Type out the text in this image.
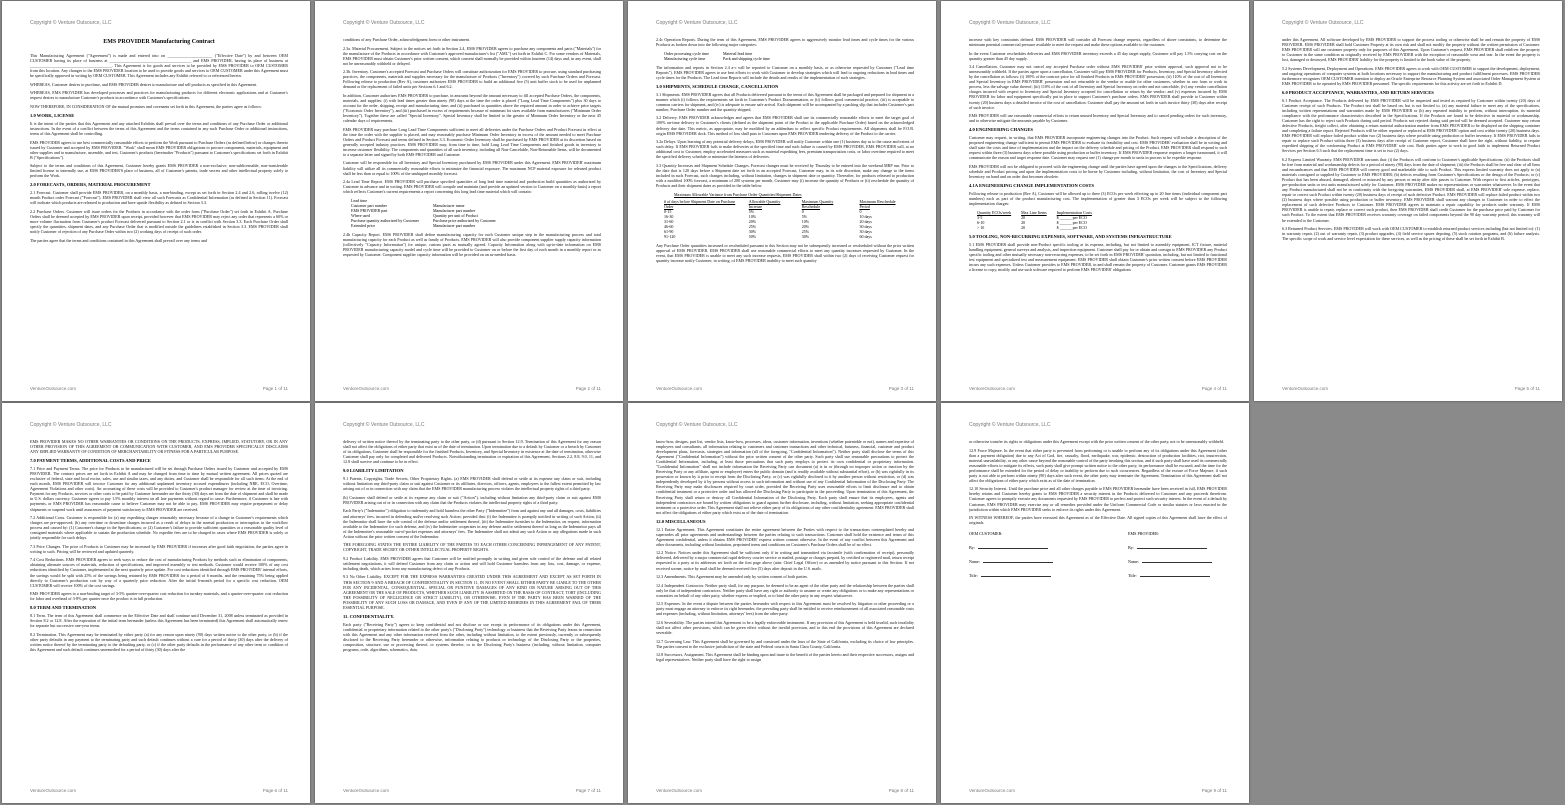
Copyright © Venture Outsource, LLC
EMS PROVIDER Manufacturing Contract

This Manufacturing Agreement ("Agreement") is made and entered into on ______________________ ("Effective Date") by and between OEM CUSTOMER having its place of business at ________________________________________ and EMS PROVIDER, having its place of business at ________________________________________. This Agreement is for goods and services to be provided by EMS PROVIDER to OEM CUSTOMER from this location. Any changes to the EMS PROVIDER location to be used to provide goods and services to OEM CUSTOMER under this Agreement must be specifically approved in writing by OEM CUSTOMER. This Agreement includes any Exhibit referred to or referenced herein.

WHEREAS, Customer desires to purchase, and EMS PROVIDER desires to manufacture and sell products as specified in this Agreement.

WHEREAS, EMS PROVIDER has developed processes and practices for manufacturing products for different electronic applications and at Customer's request desires to manufacture Customer's products in accordance with Customer's specifications.

NOW THEREFORE, IN CONSIDERATION OF the mutual promises and covenants set forth in this Agreement, the parties agree as follows:

1.0 WORK, LICENSE

It is the intent of the parties that this Agreement and any attached Exhibits shall prevail over the terms and conditions of any Purchase Order or additional instructions. In the event of a conflict between the terms of this Agreement and the terms contained in any such Purchase Order or additional instructions, terms of this Agreement shall be controlling.

EMS PROVIDER agrees to use best commercially reasonable efforts to perform the Work pursuant to Purchase Orders (as defined below) or changes thereto issued by Customer and accepted by EMS PROVIDER. "Work" shall mean EMS PROVIDER obligations to procure components, materials, equipment and other supplies and to manufacture, assemble, and test, Customer's products (hereinafter "Products") pursuant to Customer's specifications set forth in Exhibit B ("Specifications").

Subject to the terms and conditions of this Agreement, Customer hereby grants EMS PROVIDER a non-exclusive, non-sublicensable, non-transferable limited license to internally use, at EMS PROVIDER'S place of business, all of Customer's patents, trade secrets and other intellectual property solely to perform the Work.

2.0 FORECASTS, ORDERS, MATERIAL PROCUREMENT

2.1 Forecast. Customer shall provide EMS PROVIDER, on a monthly basis, a non-binding, except as set forth in Section 2.4 and 2.6, rolling twelve (12) month Product order Forecast ("Forecast"). EMS PROVIDER shall view all such Forecasts as Confidential Information (as defined in Section 11). Forecast will indicate which products are released to production and have upside flexibility as defined in Section 3.3.

2.2 Purchase Orders. Customer will issue orders for the Products in accordance with the order form ("Purchase Order") set forth in Exhibit A. Purchase Orders shall be deemed accepted by EMS PROVIDER upon receipt, provided however that EMS PROVIDER may reject any order that represents a 60% or more volume fluctuation from Customer's product Forecast delivered pursuant to Section 2.1 or is in conflict with Section 3.3. Each Purchase Order shall specify the quantities, shipment dates, and any Purchase Order that is modified outside the guidelines established in Section 3.3. EMS PROVIDER shall notify Customer of rejection of any Purchase Order within two (2) working days of receipt of such order.

The parties agree that the terms and conditions contained in this Agreement shall prevail over any terms and

VentureOutsource.com	Page 1 of 11
Copyright © Venture Outsource, LLC

conditions of any Purchase Order, acknowledgment form or other instrument.

2.3a. Material Procurement. Subject to the notices set forth in Section 2.4, EMS PROVIDER agrees to purchase any components and parts ("Materials") for the manufacture of the Products in accordance with Customer's approved manufacturer's list ("AML") set forth in Exhibit C. For some vendors of Materials, EMS PROVIDER must obtain Customer's prior written consent, which consent shall normally be provided within fourteen (14) days and, in any event, shall not be unreasonably withheld or delayed.

2.3b. Inventory. Customer's accepted Forecast and Purchase Orders will constitute authorization for EMS PROVIDER to procure, using standard purchasing practices, the components, materials and supplies necessary for the manufacture of Products ("Inventory") covered by such Purchase Orders and Forecast. Following release to production (Rev A), customer authorizes EMS PROVIDER to build an additional five (5) unit buffer stock to be used for unplanned demand or the replacement of failed units per Sections 6.1 and 6.2.

In addition, Customer authorizes EMS PROVIDER to purchase, in amounts beyond the amount necessary to fill accepted Purchase Orders, the components, materials, and supplies: (i) with lead times greater than ninety (90) days at the time the order is placed ("Long Lead Time Components") plus 30 days to account for the order, shipping, receipt and manufacturing time; and (ii) purchased in quantities above the required amount in order to achieve price targets ("Economic Order Inventory"), and (iii) purchased in excess of requirements because of minimum lot sizes available from manufacturers ("Minimum Order Inventory"). Together these are called "Special Inventory". Special Inventory shall be limited to the greater of Minimum Order Inventory or the next 45 calendar days of requirements.

EMS PROVIDER may purchase Long Lead Time Components sufficient to meet all deliveries under the Purchase Orders and Product Forecast in effect at the time the order with the supplier is placed, and may reasonably purchase Minimum Order Inventory in excess of the amount needed to meet Purchase Orders and Product Forecast and terms defined in Section 3.3. Economic Order Inventory shall be purchased by EMS PROVIDER at its discretion based on generally accepted industry practices. EMS PROVIDER may, from time to time, hold Long Lead Time Components and finished goods in inventory to increase customer flexibility. The components and quantities of all such inventory, including all Non-Cancelable, Non-Returnable Items, will be documented to a separate letter and signed by both EMS PROVIDER and Customer.

Customer will be responsible for all Inventory and Special Inventory purchased by EMS PROVIDER under this Agreement. EMS PROVIDER' maximum liability will utilize all its commercially reasonable efforts to minimize the financial exposure. The maximum NCP material exposure for released product shall be less than or equal to 100% of the unshipped monthly forecast.

2.4a Lead Time Report. EMS PROVIDER will purchase specified quantities of long lead time material and production build quantities as authorized by Customer in advance and in writing. EMS PROVIDER will compile and maintain (and provide an updated version to Customer on a monthly basis) a report which reflects Customer's current requirements a report concerning this long lead time material which will contain:

Lead time	
Customer part number	Manufacturer name
EMS PROVIDER part	Manufacturer part number
Where used	Quantity per unit of Product
Purchase quantity authorized by Customer	Purchase price authorized by Customer
Extended price	Manufacturer part number

2.4b Capacity Report. EMS PROVIDER shall define manufacturing capacity for each Customer unique step in the manufacturing process and total manufacturing capacity for each Product as well as family of Products. EMS PROVIDER will also provide component supplier supply capacity information (collectively "Capacity Information") for unique, custom parts as mutually agreed. Capacity Information along with up-to-date information on EMS PROVIDER manufacturing capacity model and cycle time will be provided to Customer on or before the first day of each month in a monthly report or as requested by Customer. Component supplier capacity information will be provided on an as-needed basis.

VentureOutsource.com	Page 2 of 11
Copyright © Venture Outsource, LLC

2.4c Operation Reports. During the term of this Agreement, EMS PROVIDER agrees to aggressively monitor lead times and cycle times for the various Products as broken down into the following major categories:

Order processing cycle time	Material lead time
Manufacturing cycle time	Pack and shipping cycle time

The information and reports in Section 2.4 a-c will be reported to Customer on a monthly basis, or as otherwise requested by Customer ("Lead time Reports"). EMS PROVIDER agrees to use best efforts to work with Customer to develop strategies which will lead to ongoing reductions in lead times and cycle times for the Products. The Lead time Reports will include the details and results of the implementation of such strategies.

3.0 SHIPMENTS, SCHEDULE CHANGE, CANCELLATION

3.1 Shipments. EMS PROVIDER agrees that all Products delivered pursuant to the terms of this Agreement shall be packaged and prepared for shipment in a manner which (i) follows the requirements set forth in Customer's Product Documentation, or (ii) follows good commercial practice, (iii) is acceptable to common carriers for shipment, and (iv) is adequate to ensure safe arrival. Each shipment will be accompanied by a packing slip that includes Customer's part number, Purchase Order number and the quantity shipped.

3.2 Delivery. EMS PROVIDER acknowledges and agrees that EMS PROVIDER shall use its commercially reasonable efforts to meet the target goal of 100% on-time delivery to Customer's clients (defined as the shipment point of the Product to the applicable Purchase Order) based on the acknowledged delivery due date. This metric, as appropriate, may be modified by an addendum to reflect specific Product requirements. All shipments shall be F.O.B. origin EMS PROVIDER dock. This method of loss shall pass to Customer upon EMS PROVIDER tendering delivery of the Product to the carrier.

3.2a Delays. Upon learning of any potential delivery delays, EMS PROVIDER will notify Customer within one (1) business day as to the cause and extent of such delay. If EMS PROVIDER fails to make deliveries at the specified time and such failure is caused by EMS PROVIDER, EMS PROVIDER will, at no additional cost to Customer, employ accelerated measures such as material expediting fees, premium transportation costs, or labor overtime required to meet the specified delivery schedule or minimize the lateness of deliveries.

3.3 Quantity Increases and Shipment Schedule Changes. Forecast changes must be received by Thursday to be entered into the weekend MRP run. Prior to the date that is 120 days before a Shipment date set forth in an accepted Forecast, Customer may, in its sole discretion, make any change to the items included in such Forecast, such changes including, without limitation, changes in shipment date or quantity. Thereafter, for products released to production with a modified 100% forecast, a minimum of 200 systems per month, Customer may (i) increase the quantity of Products or (ii) reschedule the quantity of Products and their shipment dates as provided in the table below.

Maximum Allowable Variance from Purchase Order Quantities/Shipment Dates
# of days before Shipment Date on Purchase Order	Allowable Quantity Increase	Maximum Quantity Reschedule	Maximum Reschedule Period
0-15	5%	0	0
16-30	10%	5%	10 days
31-60	20%	10%	20 days
46-60	25%	20%	30 days
61-90	30%	25%	30 days
91-120	50%	30%	60 days

Any Purchase Order quantities increased or rescheduled pursuant to this Section may not be subsequently increased or rescheduled without the prior written approval of EMS PROVIDER. EMS PROVIDER shall use reasonable commercial efforts to meet any quantity increases requested by Customer. In the event, that EMS PROVIDER is unable to meet any such increase requests, EMS PROVIDER shall within two (2) days of receiving Customer request for quantity increase notify Customer, in writing, of EMS PROVIDER inability to meet such quantity

VentureOutsource.com	Page 3 of 11
Copyright © Venture Outsource, LLC

increase with key constraints defined. EMS PROVIDER will consider all Forecast change requests, regardless of above constraints, to determine the minimum potential commercial pressure available to meet the request and make these options available to the customer.

In the event Customer reschedules deliveries and EMS PROVIDER inventory exceeds a 45 day target supply, Customer will pay 1.5% carrying cost on the quantity greater than 45 day supply.

3.4 Cancellation. Customer may not cancel any accepted Purchase order without EMS PROVIDER' prior written approval, such approval not to be unreasonably withheld. If the parties agree upon a cancellation, Customer will pay EMS PROVIDER for Products, Inventory, and Special Inventory affected by the cancellation as follows: (i) 100% of the contract price for all finished Products in EMS PROVIDER' possession; (ii) 110% of the cost of all Inventory and Special Inventory in EMS PROVIDER' possession and not returnable to the vendor or usable for other customers, whether in raw form or work in process, less the salvage value thereof; (iii) 110% of the cost of all Inventory and Special Inventory on order and not cancelable, (iv) any vendor cancellation charges incurred with respect to Inventory and Special Inventory accepted for cancellation or return by the vendor; and (v) expenses incurred by EMS PROVIDER for labor and equipment specifically put in place to support Customer's purchase orders. EMS PROVIDER shall provide to Customer within twenty (20) business days a detailed invoice of the cost of cancellation. Customer shall pay the amount set forth in such invoice thirty (30) days after receipt of such invoice.

EMS PROVIDER will use reasonable commercial efforts to return unused Inventory and Special Inventory and to cancel pending orders for such inventory, and to otherwise mitigate the amounts payable by Customer.

4.0 ENGINEERING CHANGES

Customer may request, in writing, that EMS PROVIDER incorporate engineering changes into the Product. Such request will include a description of the proposed engineering change sufficient to permit EMS PROVIDER to evaluate its feasibility and cost. EMS PROVIDER' evaluation shall be in writing and shall state the costs and time of implementation and the impact on the delivery schedule and pricing of the Product. EMS PROVIDER shall respond to such request within three (3) business days where possible using production or buffer inventory. If EMS PROVIDER response requires a longer turnaround, it will communicate the reason and target response date. Customer may request one (1) change per month to units in process to be expedite response.

EMS PROVIDER will not be obligated to proceed with the engineering change until the parties have agreed upon the changes to the Specifications, delivery schedule and Product pricing and upon the implementation costs to be borne by Customer including, without limitation, the cost of Inventory and Special Inventory on hand and on order that becomes obsolete.

4.1A ENGINEERING CHANGE IMPLEMENTATION COSTS

Following release to production (Rev A), Customer will be allowed up to three (3) ECOs per week effecting up to 20 line items (individual component part numbers) each as part of the product manufacturing cost. The implementation of greater than 3 ECOs per week will be subject to the following implementation charges:

Quantity ECOs/week	Max Line Items	Implementation Costs
3-5	20	$ ______ per ECO
6-10	20	$ ______ per ECO
> 10	20	$ ______ per ECO
5.0 TOOLING, NON-RECURRING EXPENSES, SOFTWARE, AND SYSTEMS INFRASTRUCTURE

5.1 EMS PROVIDER shall provide non-Product specific tooling at its expense, including, but not limited to assembly equipment, ICT fixture, material handling equipment, general surveys and analysis, and inspection equipment. Customer shall pay for or obtain and consign to EMS PROVIDER any Product specific tooling and other mutually necessary non-recurring expenses, to be set forth in EMS PROVIDER' quotation, including, but not limited to functional test equipment and specialized test and measurement equipment. EMS PROVIDER shall obtain Customer's prior written consent before EMS PROVIDER incurs any such expenses. Unless Customer provides to EMS PROVIDER, in and shall remain the property of Customer. Customer grants EMS PROVIDER a license to copy, modify and use such software required to perform EMS PROVIDER' obligations

VentureOutsource.com	Page 4 of 11
Copyright © Venture Outsource, LLC

under this Agreement. All software developed by EMS PROVIDER to support the process tooling or otherwise shall be and remain the property of EMS PROVIDER. EMS PROVIDER shall hold Customer Property at its own risk and shall not modify the property without the written permission of Customer. EMS PROVIDER will use customer property only for purposes of this Agreement. Upon Customer's request, EMS PROVIDER shall redeliver the property to Customer in the same condition as originally received by EMS PROVIDER with the exception of reasonable wear and tear. In the event the property is lost, damaged or destroyed, EMS PROVIDER' liability for the property is limited to the book value of the property.

5.2 Systems Development, Deployment and Operations. EMS PROVIDER agrees to work with OEM CUSTOMER to support the development, deployment, and ongoing operations of computer systems at both locations necessary to support the manufacturing and product fulfillment processes. EMS PROVIDER furthermore recognizes OEM CUSTOMER intention to deploy an Oracle Enterprise Resource Planning System and associated Order Management System at EMS PROVIDER to be operated by EMS PROVIDER personnel. The specific requirements for this activity are set forth in Exhibit D.

6.0 PRODUCT ACCEPTANCE, WARRANTIES, AND RETURN SERVICES

6.1 Product Acceptance. The Products delivered by EMS PROVIDER will be inspected and tested as required by Customer within twenty (20) days of Customer receipt of such Products. The Product test shall be based on, but is not limited to, (a) any material failure to meet any of the specifications, including written representations and warranties made by EMS PROVIDER or (b) any repeated inability to perform, without interruption, its material compliance with the performance characteristics described in the Specifications. If the Products are found to be defective in material or workmanship, Customer has the right to reject such Products during said period. Products not rejected during said period will be deemed accepted. Customer may return defective Products, freight collect, after obtaining a return material authorization number from EMS PROVIDER to be displayed on the shipping container and completing a failure report. Rejected Products will be either repaired or replaced at EMS PROVIDER' option and cost within twenty (20) business days. EMS PROVIDER will replace failed product within two (2) business days where possible using production or buffer inventory. If EMS PROVIDER fails to repair or replace such Product within three (3) business days after receipt of Customer report, Customer shall have the right, without liability, to require expedited shipping of the conforming Product at EMS PROVIDER' sole cost. Both parties agree to work in good faith to implement Returned Product Services per Section 6.3 such that the replacement time is set to two (2) days.

6.2 Express Limited Warranty. EMS PROVIDER warrants that: (i) the Products will conform to Customer's applicable Specifications; (ii) the Products shall be free from material and workmanship defects for a period of ninety (90) days from the date of shipment; (iii) the Products shall be free and clear of all liens and encumbrances and that EMS PROVIDER will convey good and marketable title to such Product. This express limited warranty does not apply to (a) materials consigned or supplied by Customer to EMS PROVIDER; (b) defects resulting from Customer's Specifications or the design of the Products; or (c) Product that has been abused, damaged, altered or misused by any person or entity after title passes to Customer. With respect to first articles, prototypes, pre-production units or test units manufactured solely for Customer, EMS PROVIDER makes no representations or warranties whatsoever. In the event that any Product manufactured shall not be in conformity with the foregoing warranties, EMS PROVIDER shall, at EMS PROVIDER' sole expense, replace, repair or correct such Product within twenty (20) business days of receipt of such defective Product. EMS PROVIDER will replace failed product within two (2) business days where possible using production or buffer inventory. EMS PROVIDER shall warrant any changes to Customer in order to effect the replacement of such defective Products to Customer. EMS PROVIDER agrees to maintain a repair capability for products under warranty. If EMS PROVIDER is unable to repair, replace or correct such product, then EMS PROVIDER shall credit Customer for the purchase price paid by Customer for such Product. To the extent that EMS PROVIDER receives warranty coverage on failed components beyond the 90 day warranty period, this warranty will be extended to the Customer.

6.3 Returned Product Services. EMS PROVIDER will work with OEM CUSTOMER to establish returned product services including (but not limited to): (1) in warranty repair, (2) out of warranty repair, (3) product upgrades, (4) field service spares depoting, (5) stock rotation programs, and (6) failure analysis. The specific scope of work and service level expectation for these services, as well as the pricing of these shall be set forth in Exhibit B.

VentureOutsource.com	Page 5 of 11
Copyright © Venture Outsource, LLC

EMS PROVIDER MAKES NO OTHER WARRANTIES OR CONDITIONS ON THE PRODUCTS, EXPRESS, IMPLIED, STATUTORY, OR IN ANY OTHER PROVISION OF THIS AGREEMENT OR COMMUNICATION WITH CUSTOMER, AND EMS PROVIDER SPECIFICALLY DISCLAIMS ANY IMPLIED WARRANTY OF CONDITION OF MERCHANTABILITY OR FITNESS FOR A PARTICULAR PURPOSE.

7.0 PAYMENT TERMS, ADDITIONAL COSTS AND PRICE

7.1 Price and Payment Terms. The price for Products to be manufactured will be set through Purchase Orders issued by Customer and accepted by EMS PROVIDER. The contract prices are set forth in Exhibit A and may be changed from time to time by mutual written agreement. All prices quoted are exclusive of federal, state and local excise, sales, use and similar taxes, and any duties, and Customer shall be responsible for all such items. At the end of each month, EMS PROVIDER will invoice Customer for any additional unplanned inventory accrued expenditures (including NRE, ECO, Overtime, Agreement Violations and other costs). An accounting of these costs will be provided to Customer's product manager for review at the time of invoicing. Payment for any Products, services or other costs to be paid by Customer hereunder are due thirty (30) days net from the date of shipment and shall be made in U.S. dollars currency. Customer agrees to pay 1.5% monthly interest on all late payments without regard to cause. Furthermore, if Customer is late with payments, or EMS PROVIDER has reasonable cause to believe Customer may not be able to pay, EMS PROVIDER may require prepayment or delay shipments or suspend work until assurances of payment satisfactory to EMS PROVIDER are received.

7.2 Additional Costs. Customer is responsible for (a) any expediting charges reasonably necessary because of a change in Customer's requirements which charges are pre-approved; (b) any overtime or downtime charges incurred as a result of delays in the normal production or interruption in the workflow process and caused by: (1) Customer's change in the Specifications; or (2) Customer's failure to provide sufficient quantities or a reasonable quality level of consigned materials where applicable to sustain the production schedule. No expedite fees are to be charged in cases where EMS PROVIDER is solely or jointly responsible for such delays.

7.3 Price Changes. The price of Products to Customer may be increased by EMS PROVIDER if increases after good faith negotiation, the parties agree in writing to such. Pricing will be reviewed and updated quarterly.

7.4 Cost Reductions. EMS PROVIDER agrees to seek ways to reduce the cost of manufacturing Products by methods such as elimination of components, obtaining alternate sources of materials, reduction of specifications, and improved assembly or test methods. Customer would receive 100% of any cost reductions identified by Customer, implemented at the next quarterly price update. For cost reductions identified through EMS PROVIDER' internal efforts, the savings would be split with 25% of the savings being retained by EMS PROVIDER for a period of 6 months, and the remaining 75% being applied directly to Customer's production cost by way of a quarterly price reduction. After the initial 6-month period for a specific cost reduction, OEM CUSTOMER will receive 100% of the cost savings.

EMS PROVIDER agrees to a non-binding target of 3-5% quarter-over-quarter cost reduction for turnkey materials, and a quarter-over-quarter cost reduction for labor and overhead of 3-8% per quarter once the product is in full production.

8.0 TERM AND TERMINATION

8.1 Term. The term of this Agreement shall commence on the Effective Date and shall continue until December 31, 2008 unless terminated as provided in Section 8.2 or 12.8. After the expiration of the initial term hereunder (unless this Agreement has been terminated) this Agreement shall automatically renew for separate but successive one-year terms.

8.2 Termination. This Agreement may be terminated by either party (a) for any reason upon ninety (90) days written notice to the other party, or (b) if the other party defaults in any payment to the terminating party and such default continues without a cure for a period of thirty (30) days after the delivery of written notice thereof by the terminating party to the defaulting party, or (c) if the other party defaults in the performance of any other term or condition of this Agreement and such default continues unremedied for a period of thirty (30) days after the

VentureOutsource.com	Page 6 of 11
Copyright © Venture Outsource, LLC

delivery of written notice thereof by the terminating party to the other party, or (d) pursuant to Section 12.9. Termination of this Agreement for any reason shall not affect the obligations of either party that exist as of the date of termination. Upon termination due to a default by Customer or a breach by Customer of its obligations, Customer shall be responsible for the finished Products, Inventory, and Special Inventory in existence at the date of termination, otherwise Customer shall pay only for completed and delivered Products. Notwithstanding termination or expiration of this Agreement, Sections 2.2, 8.8, 9.0, 11, and 12.8 shall survive and continue to be in effect.

9.0 LIABILITY LIMITATION

9.1 Patents, Copyrights, Trade Secrets, Other Proprietary Rights. (a) EMS PROVIDER shall defend or settle at its expense any claim or suit, including without limitation any third-party claim or suit against Customer or its affiliates, directors, officers, agents, employees to the fullest extent permitted by law arising out of or in connection with any claim that the EMS PROVIDER manufacturing process violates the intellectual property rights of a third party.

(b) Customer shall defend or settle at its expense any claim or suit ("Action"), including without limitation any third-party claim or suit against EMS PROVIDER arising out of or in connection with any claim that the Products violates the intellectual property rights of a third party.

Each Party's ("Indemnitor") obligation to indemnify and hold harmless the other Party ("Indemnitee") from and against any and all damages, costs, liabilities and attorneys' fees, incurred in defending and/or resolving such Action; provided that: (i) the Indemnitee is promptly notified in writing of such Action, (ii) the Indemnitor shall have the sole control of the defense and/or settlement thereof, (iii) the Indemnitee furnishes to the Indemnitor, on request, information available to the Indemnitee for such defense, and (iv) the Indemnitee cooperates in any defense and/or settlement thereof as long as the Indemnitor pays all of the Indemnitee's reasonable out-of-pocket expenses and attorneys' fees. The Indemnitee shall not admit any such Action or any allegations made in such Action without the prior written consent of the Indemnitor.

THE FOREGOING STATES THE ENTIRE LIABILITY OF THE PARTIES TO EACH OTHER CONCERNING INFRINGEMENT OF ANY PATENT, COPYRIGHT, TRADE SECRET OR OTHER INTELLECTUAL PROPERTY RIGHTS.

9.2 Product Liability. EMS PROVIDER agrees that Customer will be notified promptly in writing and given sole control of the defense and all related settlement negotiations, it will defend Customer from any claim or action and will hold Customer harmless from any loss, cost, damage, or expense, including death, which arises from any manufacturing defect of any Products.

9.3 No Other Liability. EXCEPT FOR THE EXPRESS WARRANTIES CREATED UNDER THIS AGREEMENT AND EXCEPT AS SET FORTH IN THIS SECTION 9 AND A BREACH OF CONFIDENTIALITY IN SECTION 11, IN NO EVENT SHALL EITHER PARTY BE LIABLE TO THE OTHER FOR ANY INCIDENTAL, CONSEQUENTIAL, SPECIAL OR PUNITIVE DAMAGES OF ANY KIND OR NATURE ARISING OUT OF THIS AGREEMENT OR THE SALE OF PRODUCTS, WHETHER SUCH LIABILITY IS ASSERTED ON THE BASIS OF CONTRACT, TORT (INCLUDING THE POSSIBILITY OF NEGLIGENCE OR STRICT LIABILITY), OR OTHERWISE, EVEN IF THE PARTY HAS BEEN WARNED OF THE POSSIBILITY OF ANY SUCH LOSS OR DAMAGE, AND EVEN IF ANY OF THE LIMITED REMEDIES IN THIS AGREEMENT FAIL OF THEIR ESSENTIAL PURPOSE.

11. CONFIDENTIALITY.

Each party ("Receiving Party") agrees to keep confidential and not disclose or use except in performance of its obligations under this Agreement, confidential or proprietary information related to the other party's ("Disclosing Party") technology or business that the Receiving Party learns in connection with this Agreement and any other information received from the other, including without limitation, to the extent previously, currently or subsequently disclosed to the Receiving Party hereunder or otherwise, information relating to products or technology of the Disclosing Party or the properties, composition, structure, use or processing thereof, or systems therefor, or to the Disclosing Party's business (including, without limitation, computer programs, code, algorithms, schematics, data,

VentureOutsource.com	Page 7 of 11
Copyright © Venture Outsource, LLC

know-how, designs, part list, vendor lists, know-how, processes, ideas, customer information, inventions (whether patentable or not), names and expertise of employees and consultants, all information relating to customers and customer transactions and other technical, business, financial, customer and product development plans, forecasts, strategies and information (all of the foregoing, "Confidential Information"). Neither party shall disclose the terms of this Agreement ("Confidential Information") without the prior written consent of the other party. Such party shall use reasonable precautions to protect the Confidential Information, including, at least those precautions that such party employs to protect its own confidential or proprietary information. "Confidential Information" shall not include information the Receiving Party can document (a) is in or (through no improper action or inaction by the Receiving Party or any affiliate, agent or employee) enters the public domain (and is readily available without substantial effort), or (b) was rightfully in its possession or known by it prior to receipt from the Disclosing Party, or (c) was rightfully disclosed to it by another person without restriction, or (d) was independently developed by it by persons without access to such information and without use of any Confidential Information of the Disclosing Party. The Receiving Party may make disclosures required by court order, provided the Receiving Party uses reasonable efforts to limit disclosure and to obtain confidential treatment or a protective order and has allowed the Disclosing Party to participate in the proceeding. Upon termination of this Agreement, the Receiving Party shall return or destroy all Confidential Information of the Disclosing Party. Each party shall ensure that its employees, agents and independent contractors are bound by written obligations to guard against further disclosure, including, without limitation, seeking appropriate confidential treatment or a protective order. This Agreement shall not relieve either party of its obligations of any other confidentiality agreement. EMS PROVIDER shall not affect the obligations of either party which exist as of the date of termination.

12.0 MISCELLANEOUS

12.1 Entire Agreement. This Agreement constitutes the entire agreement between the Parties with respect to the transactions contemplated hereby and supersedes all prior agreements and understandings between the parties relating to such transactions. Customer shall hold the existence and terms of this Agreement confidential, unless it obtains EMS PROVIDER' express written consent otherwise. In the event of any conflict between this Agreement and other documents, including without limitation, preprinted terms and conditions on Customer's Purchase Orders shall be of no effect.

12.2 Notice. Notices under this Agreement shall be sufficient only if in writing and transmitted via facsimile (with confirmation of receipt), personally delivered, delivered by a major commercial rapid delivery courier service or mailed, postage or charges prepaid, by certified or registered mail, return receipt requested to a party at its addresses set forth on the first page above (attn: Chief Legal Officer) or as amended by notice pursuant to this Section. If not received sooner, notice by mail shall be deemed received five (5) days after deposit in the U.S. mails.

12.3 Amendments. This Agreement may be amended only by written consent of both parties.

12.4 Independent Contractor. Neither party shall, for any purpose, be deemed to be an agent of the other party and the relationship between the parties shall only be that of independent contractors. Neither party shall have any right or authority to assume or create any obligations or to make any representations or warranties on behalf of any other party, whether express or implied, or to bind the other party in any respect whatsoever.

12.5 Expenses. In the event a dispute between the parties hereunder with respect to this Agreement must be resolved by litigation or other proceeding or a party must engage an attorney to enforce its right hereunder, the prevailing party shall be entitled to receive reimbursement of all associated reasonable costs and expenses (including, without limitation, attorneys' fees) from the other party.

12.6 Severability. The parties intend this Agreement to be a legally enforceable instrument. If any provision of this Agreement is held invalid, such invalidity shall not affect other provisions, which can be given effect without the invalid provision, and to this end the provisions of this Agreement are declared severable.

12.7 Governing Law. This Agreement shall be governed by and construed under the laws of the State of California, excluding its choice of law principles. The parties consent to the exclusive jurisdiction of the state and Federal courts in Santa Clara County, California.

12.8 Successors, Assignment. This Agreement shall be binding upon and inure to the benefit of the parties hereto and their respective successors, assigns and legal representatives. Neither party shall have the right to assign

VentureOutsource.com	Page 8 of 11
Copyright © Venture Outsource, LLC

or otherwise transfer its rights or obligations under this Agreement except with the prior written consent of the other party, not to be unreasonably withheld.

12.9 Force Majeure. In the event that either party is prevented from performing or is unable to perform any of its obligations under this Agreement (other than a payment obligation) due to any Act of God, fire, casualty, flood, earthquake, war, epidemic, destruction of production facilities, riot, insurrection, material unavailability, or any other cause beyond the reasonable control of the party invoking this section, and if such party shall have used its commercially reasonable efforts to mitigate its effects, such party shall give prompt written notice to the other party, its performance shall be excused, and the time for the performance shall be extended for the period of delay or inability to perform due to such occurrences. Regardless of the excuse of Force Majeure, if such party is not able to perform within ninety (90) days after such event, the other party may terminate the Agreement. Termination of this Agreement shall not affect the obligations of either party which exist as of the date of termination.

12.10 Security Interest. Until the purchase price and all other charges payable to EMS PROVIDER hereunder have been received in full, EMS PROVIDER hereby retains and Customer hereby grants to EMS PROVIDER a security interest in the Products delivered to Customer and any proceeds therefrom. Customer agrees to promptly execute any documents requested by EMS PROVIDER to perfect and protect such security interest. In the event of a default by Customer, EMS PROVIDER may exercise any or all remedies provided under the Uniform Commercial Code or similar statutes or laws enacted in the jurisdiction within which EMS PROVIDER seeks to enforce its rights under this Agreement.

IN WITNESS WHEREOF, the parties have executed this Agreement as of the Effective Date. All signed copies of this Agreement shall have the effect of originals.

OEM CUSTOMER:
By:
Name:
Title:
EMS PROVIDER:
By:
Name:
Title:
VentureOutsource.com	Page 9 of 11
